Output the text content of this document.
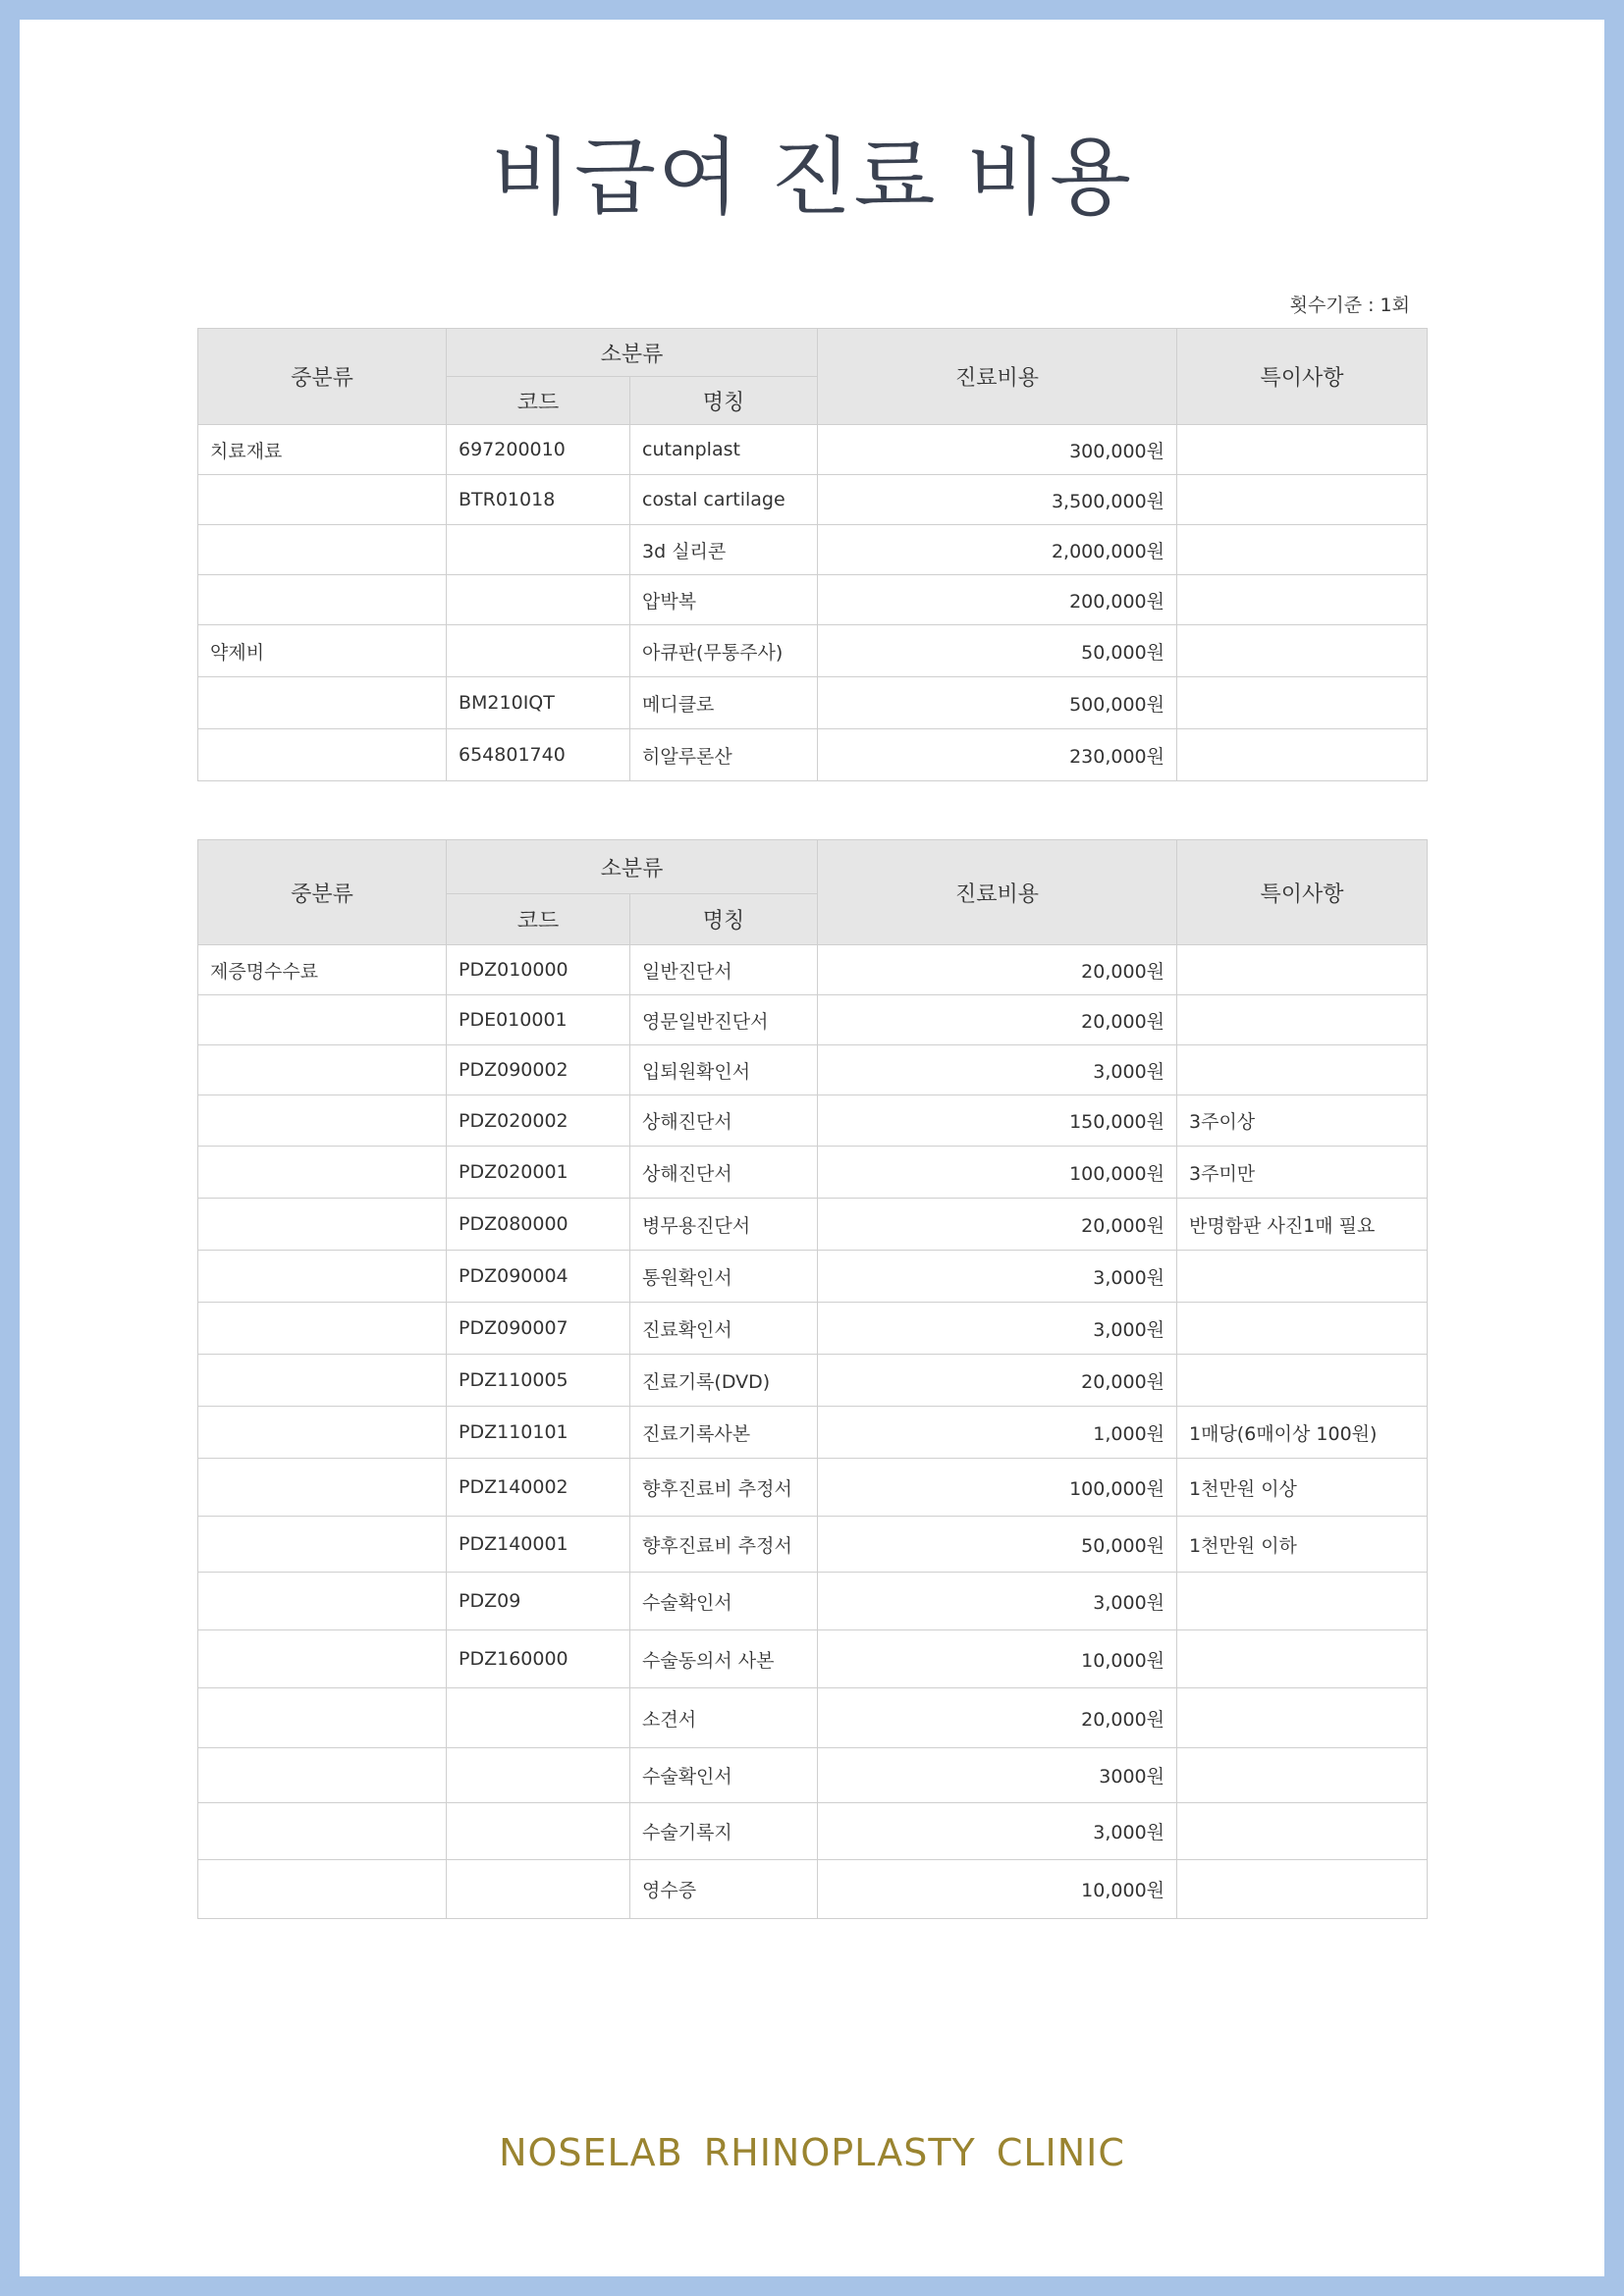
비급여 진료 비용
횟수기준 : 1회
중분류	소분류		진료비용	특이사항
	코드	명칭		
치료재료	697200010	cutanplast	300,000원	
	BTR01018	costal cartilage	3,500,000원	
		3d 실리콘	2,000,000원	
		압박복	200,000원	
약제비		아큐판(무통주사)	50,000원	
	BM210IQT	메디클로	500,000원	
	654801740	히알루론산	230,000원	
중분류	소분류		진료비용	특이사항
	코드	명칭		
제증명수수료	PDZ010000	일반진단서	20,000원	
	PDE010001	영문일반진단서	20,000원	
	PDZ090002	입퇴원확인서	3,000원	
	PDZ020002	상해진단서	150,000원	3주이상
	PDZ020001	상해진단서	100,000원	3주미만
	PDZ080000	병무용진단서	20,000원	반명함판 사진1매 필요
	PDZ090004	통원확인서	3,000원	
	PDZ090007	진료확인서	3,000원	
	PDZ110005	진료기록(DVD)	20,000원	
	PDZ110101	진료기록사본	1,000원	1매당(6매이상 100원)
	PDZ140002	향후진료비 추정서	100,000원	1천만원 이상
	PDZ140001	향후진료비 추정서	50,000원	1천만원 이하
	PDZ09	수술확인서	3,000원	
	PDZ160000	수술동의서 사본	10,000원	
		소견서	20,000원	
		수술확인서	3000원	
		수술기록지	3,000원	
		영수증	10,000원	
NOSELAB RHINOPLASTY CLINIC
